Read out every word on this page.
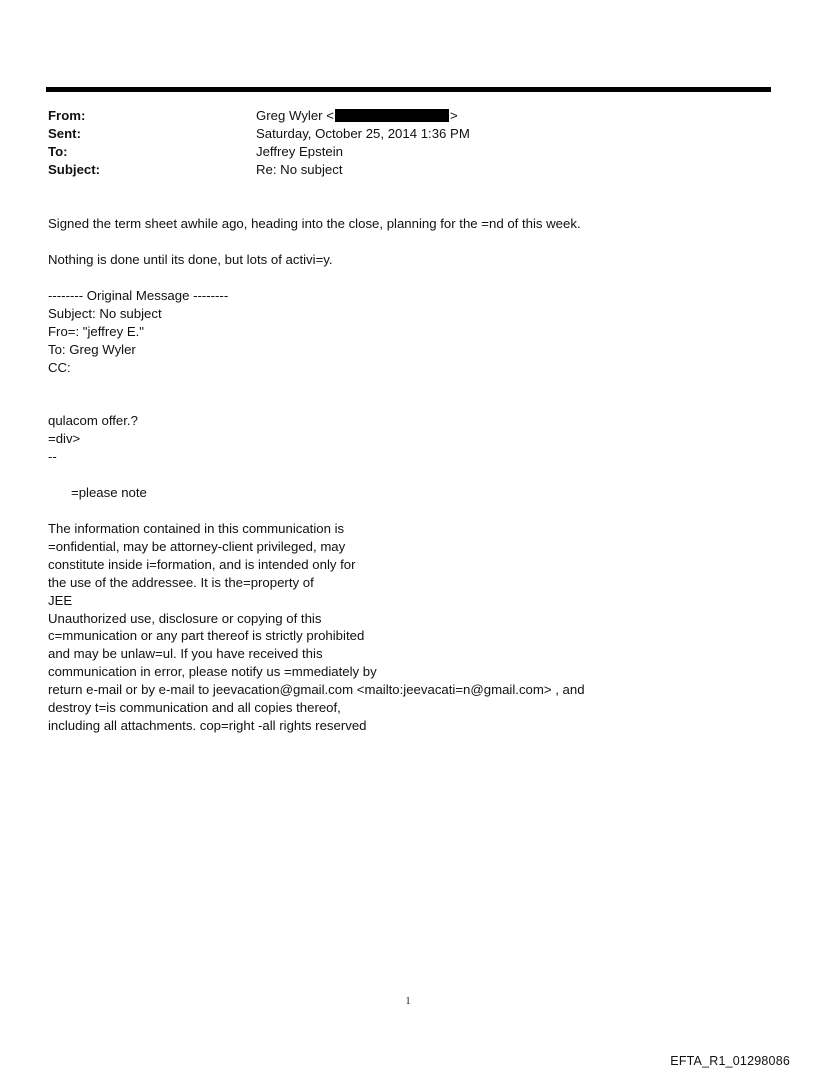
From:	Greg Wyler <	>
Sent:	Saturday, October 25, 2014 1:36 PM
To:	Jeffrey Epstein
Subject:	Re: No subject
Signed the term sheet awhile ago, heading into the close, planning for the =nd of this week.
Nothing is done until its done, but lots of activi=y.
-------- Original Message --------
Subject: No subject
Fro=: "jeffrey E."
To: Greg Wyler
CC:
qulacom offer.?
=div>
--
=please note
The information contained in this communication is
=onfidential, may be attorney-client privileged, may
constitute inside i=formation, and is intended only for
the use of the addressee. It is the=property of
JEE
Unauthorized use, disclosure or copying of this
c=mmunication or any part thereof is strictly prohibited
and may be unlaw=ul. If you have received this
communication in error, please notify us =mmediately by
return e-mail or by e-mail to jeevacation@gmail.com <mailto:jeevacati=n@gmail.com> , and
destroy t=is communication and all copies thereof,
including all attachments. cop=right -all rights reserved
1
EFTA_R1_01298086
